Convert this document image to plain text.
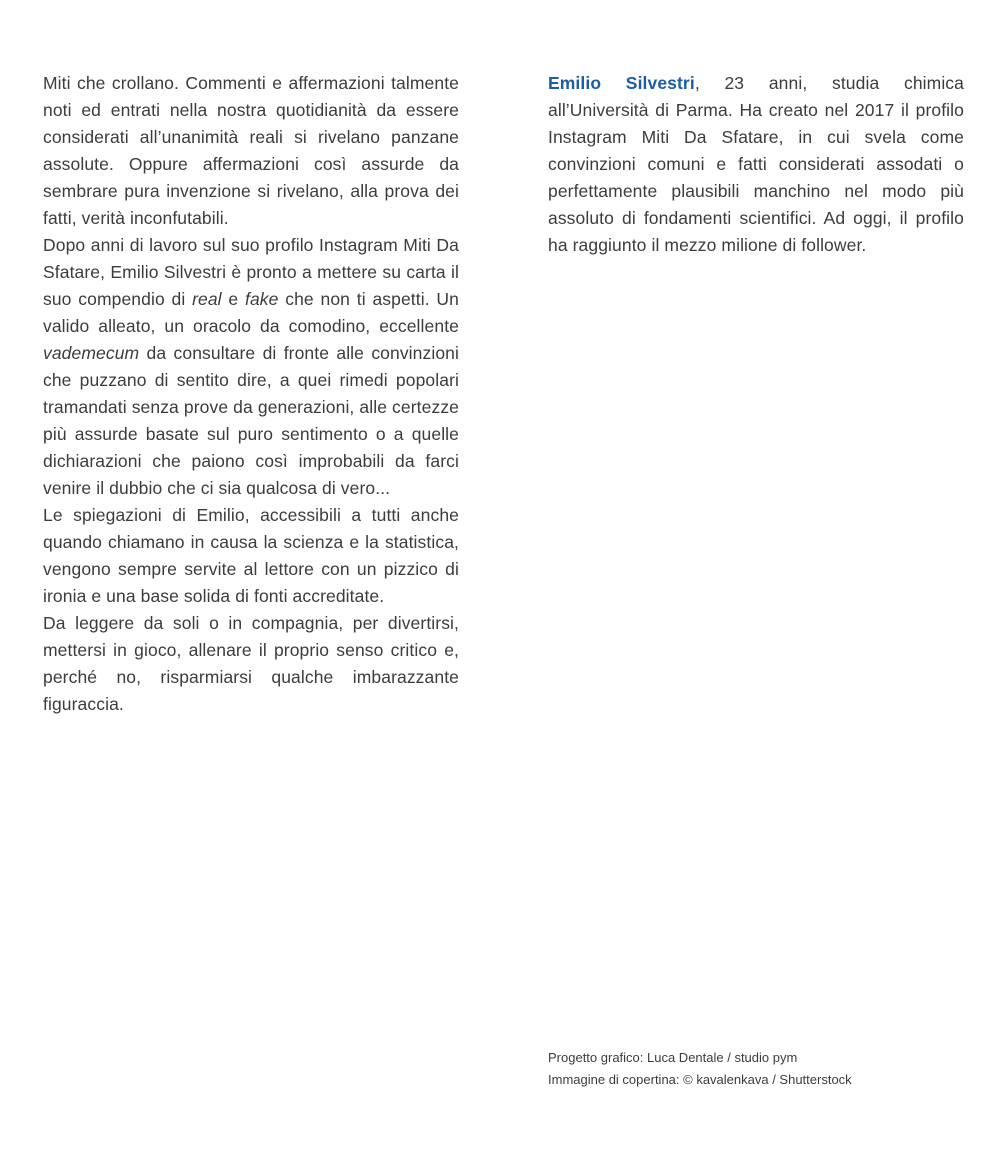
Miti che crollano. Commenti e affermazioni talmente noti ed entrati nella nostra quotidianità da essere considerati all’unanimità reali si rivelano panzane assolute. Oppure affermazioni così assurde da sembrare pura invenzione si rivelano, alla prova dei fatti, verità inconfutabili.

Dopo anni di lavoro sul suo profilo Instagram Miti Da Sfatare, Emilio Silvestri è pronto a mettere su carta il suo compendio di real e fake che non ti aspetti. Un valido alleato, un oracolo da comodino, eccellente vademecum da consultare di fronte alle convinzioni che puzzano di sentito dire, a quei rimedi popolari tramandati senza prove da generazioni, alle certezze più assurde basate sul puro sentimento o a quelle dichiarazioni che paiono così improbabili da farci venire il dubbio che ci sia qualcosa di vero...

Le spiegazioni di Emilio, accessibili a tutti anche quando chiamano in causa la scienza e la statistica, vengono sempre servite al lettore con un pizzico di ironia e una base solida di fonti accreditate.

Da leggere da soli o in compagnia, per divertirsi, mettersi in gioco, allenare il proprio senso critico e, perché no, risparmiarsi qualche imbarazzante figuraccia.

Emilio Silvestri, 23 anni, studia chimica all’Università di Parma. Ha creato nel 2017 il profilo Instagram Miti Da Sfatare, in cui svela come convinzioni comuni e fatti considerati assodati o perfettamente plausibili manchino nel modo più assoluto di fondamenti scientifici. Ad oggi, il profilo ha raggiunto il mezzo milione di follower.

Progetto grafico: Luca Dentale / studio pym
Immagine di copertina: © kavalenkava / Shutterstock
